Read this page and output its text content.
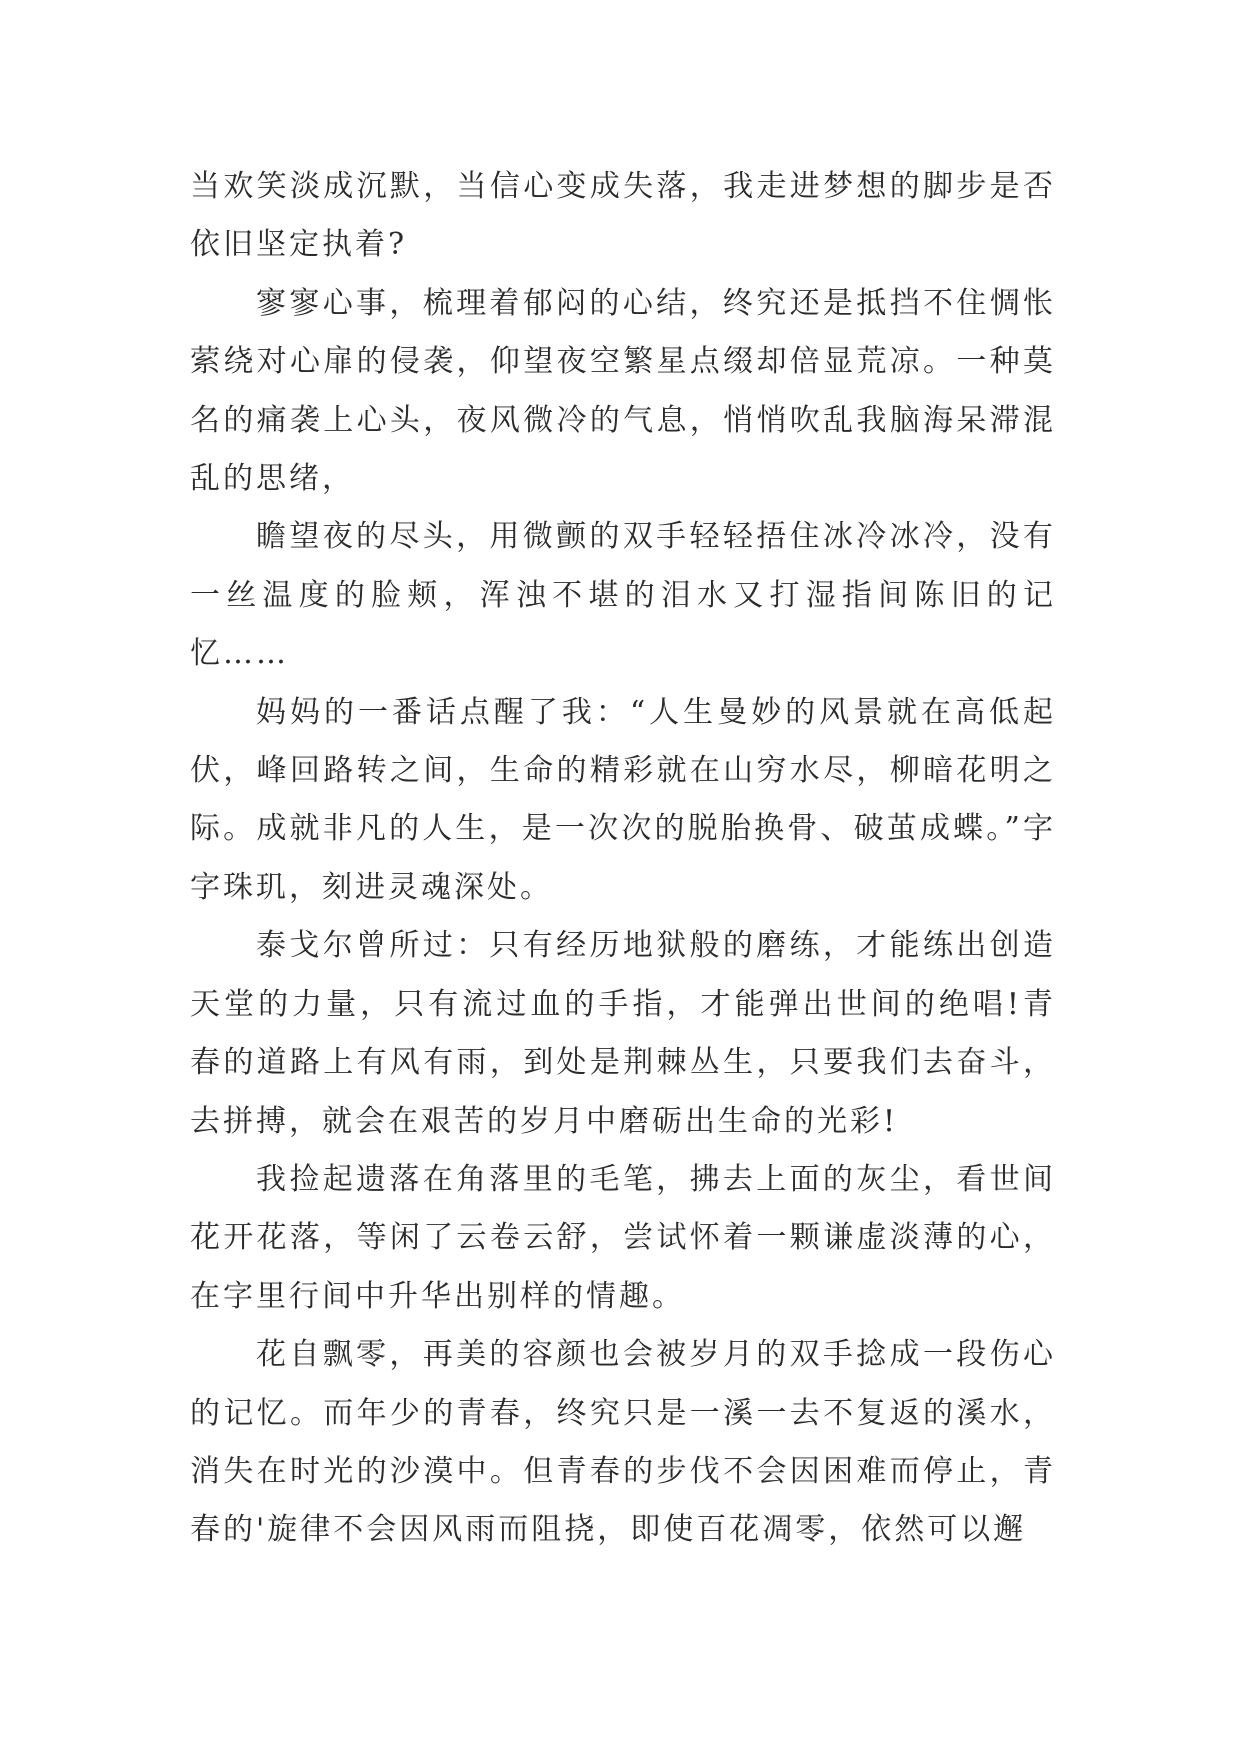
当欢笑淡成沉默，当信心变成失落，我走进梦想的脚步是否依旧坚定执着?

寥寥心事，梳理着郁闷的心结，终究还是抵挡不住惆怅萦绕对心扉的侵袭，仰望夜空繁星点缀却倍显荒凉。一种莫名的痛袭上心头，夜风微冷的气息，悄悄吹乱我脑海呆滞混乱的思绪，

瞻望夜的尽头，用微颤的双手轻轻捂住冰冷冰冷，没有一丝温度的脸颊，浑浊不堪的泪水又打湿指间陈旧的记忆……

妈妈的一番话点醒了我：“人生曼妙的风景就在高低起伏，峰回路转之间，生命的精彩就在山穷水尽，柳暗花明之际。成就非凡的人生，是一次次的脱胎换骨、破茧成蝶。”字字珠玑，刻进灵魂深处。

泰戈尔曾所过：只有经历地狱般的磨练，才能练出创造天堂的力量，只有流过血的手指，才能弹出世间的绝唱!青春的道路上有风有雨，到处是荆棘丛生，只要我们去奋斗，去拼搏，就会在艰苦的岁月中磨砺出生命的光彩!

我捡起遗落在角落里的毛笔，拂去上面的灰尘，看世间花开花落，等闲了云卷云舒，尝试怀着一颗谦虚淡薄的心，在字里行间中升华出别样的情趣。

花自飘零，再美的容颜也会被岁月的双手捻成一段伤心的记忆。而年少的青春，终究只是一溪一去不复返的溪水，消失在时光的沙漠中。但青春的步伐不会因困难而停止，青春的'旋律不会因风雨而阻挠，即使百花凋零，依然可以邂
